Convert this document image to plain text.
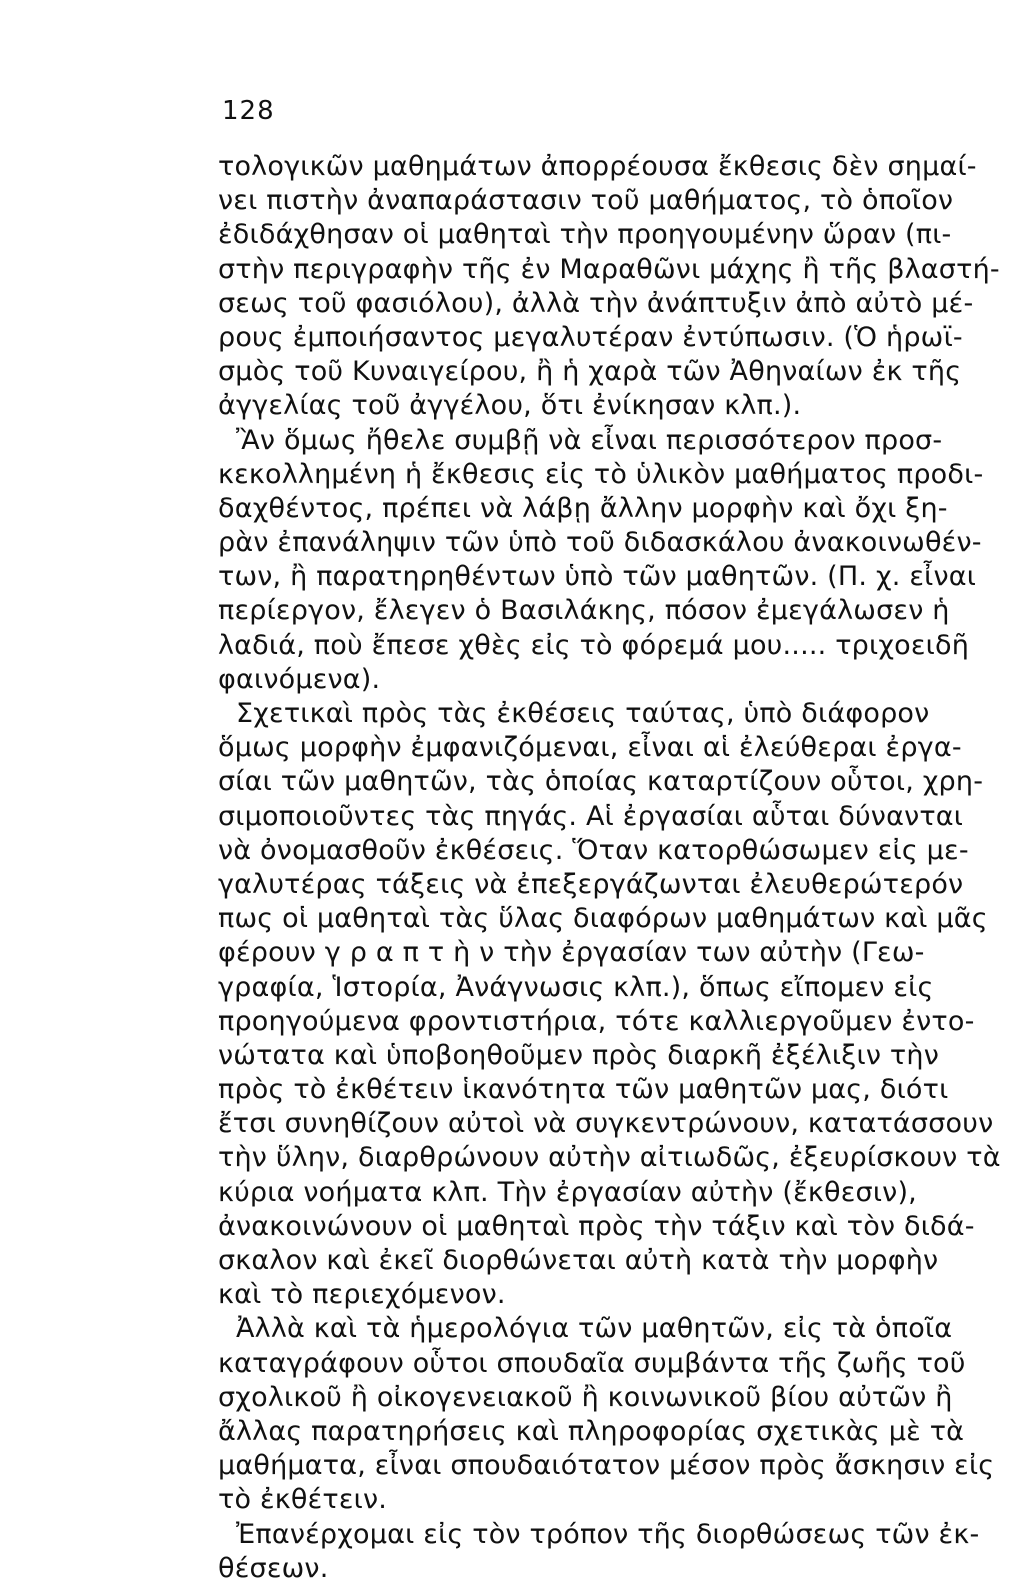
128
τολογικῶν μαθημάτων ἀπορρέουσα ἔκθεσις δὲν σημαί-
νει πιστὴν ἀναπαράστασιν τοῦ μαθήματος, τὸ ὁποῖον
ἐδιδάχθησαν οἱ μαθηταὶ τὴν προηγουμένην ὥραν (πι-
στὴν περιγραφὴν τῆς ἐν Μαραθῶνι μάχης ἢ τῆς βλαστή-
σεως τοῦ φασιόλου), ἀλλὰ τὴν ἀνάπτυξιν ἀπὸ αὐτὸ μέ-
ρους ἐμποιήσαντος μεγαλυτέραν ἐντύπωσιν. (Ὁ ἡρωϊ-
σμὸς τοῦ Κυναιγείρου, ἢ ἡ χαρὰ τῶν Ἀθηναίων ἐκ τῆς
ἀγγελίας τοῦ ἀγγέλου, ὅτι ἐνίκησαν κλπ.).
Ἂν ὅμως ἤθελε συμβῇ νὰ εἶναι περισσότερον προσ-
κεκολλημένη ἡ ἔκθεσις εἰς τὸ ὑλικὸν μαθήματος προδι-
δαχθέντος, πρέπει νὰ λάβῃ ἄλλην μορφὴν καὶ ὄχι ξη-
ρὰν ἐπανάληψιν τῶν ὑπὸ τοῦ διδασκάλου ἀνακοινωθέν-
των, ἢ παρατηρηθέντων ὑπὸ τῶν μαθητῶν. (Π. χ. εἶναι
περίεργον, ἔλεγεν ὁ Βασιλάκης, πόσον ἐμεγάλωσεν ἡ
λαδιά, ποὺ ἔπεσε χθὲς εἰς τὸ φόρεμά μου..... τριχοειδῆ
φαινόμενα).
Σχετικαὶ πρὸς τὰς ἐκθέσεις ταύτας, ὑπὸ διάφορον
ὅμως μορφὴν ἐμφανιζόμεναι, εἶναι αἱ ἐλεύθεραι ἐργα-
σίαι τῶν μαθητῶν, τὰς ὁποίας καταρτίζουν οὗτοι, χρη-
σιμοποιοῦντες τὰς πηγάς. Αἱ ἐργασίαι αὗται δύνανται
νὰ ὀνομασθοῦν ἐκθέσεις. Ὅταν κατορθώσωμεν εἰς με-
γαλυτέρας τάξεις νὰ ἐπεξεργάζωνται ἐλευθερώτερόν
πως οἱ μαθηταὶ τὰς ὕλας διαφόρων μαθημάτων καὶ μᾶς
φέρουν γ ρ α π τ ὴ ν τὴν ἐργασίαν των αὐτὴν (Γεω-
γραφία, Ἱστορία, Ἀνάγνωσις κλπ.), ὅπως εἴπομεν εἰς
προηγούμενα φροντιστήρια, τότε καλλιεργοῦμεν ἐντο-
νώτατα καὶ ὑποβοηθοῦμεν πρὸς διαρκῆ ἐξέλιξιν τὴν
πρὸς τὸ ἐκθέτειν ἱκανότητα τῶν μαθητῶν μας, διότι
ἔτσι συνηθίζουν αὐτοὶ νὰ συγκεντρώνουν, κατατάσσουν
τὴν ὕλην, διαρθρώνουν αὐτὴν αἰτιωδῶς, ἐξευρίσκουν τὰ
κύρια νοήματα κλπ. Τὴν ἐργασίαν αὐτὴν (ἔκθεσιν),
ἀνακοινώνουν οἱ μαθηταὶ πρὸς τὴν τάξιν καὶ τὸν διδά-
σκαλον καὶ ἐκεῖ διορθώνεται αὐτὴ κατὰ τὴν μορφὴν
καὶ τὸ περιεχόμενον.
Ἀλλὰ καὶ τὰ ἡμερολόγια τῶν μαθητῶν, εἰς τὰ ὁποῖα
καταγράφουν οὗτοι σπουδαῖα συμβάντα τῆς ζωῆς τοῦ
σχολικοῦ ἢ οἰκογενειακοῦ ἢ κοινωνικοῦ βίου αὐτῶν ἢ
ἄλλας παρατηρήσεις καὶ πληροφορίας σχετικὰς μὲ τὰ
μαθήματα, εἶναι σπουδαιότατον μέσον πρὸς ἄσκησιν εἰς
τὸ ἐκθέτειν.
Ἐπανέρχομαι εἰς τὸν τρόπον τῆς διορθώσεως τῶν ἐκ-
θέσεων.
